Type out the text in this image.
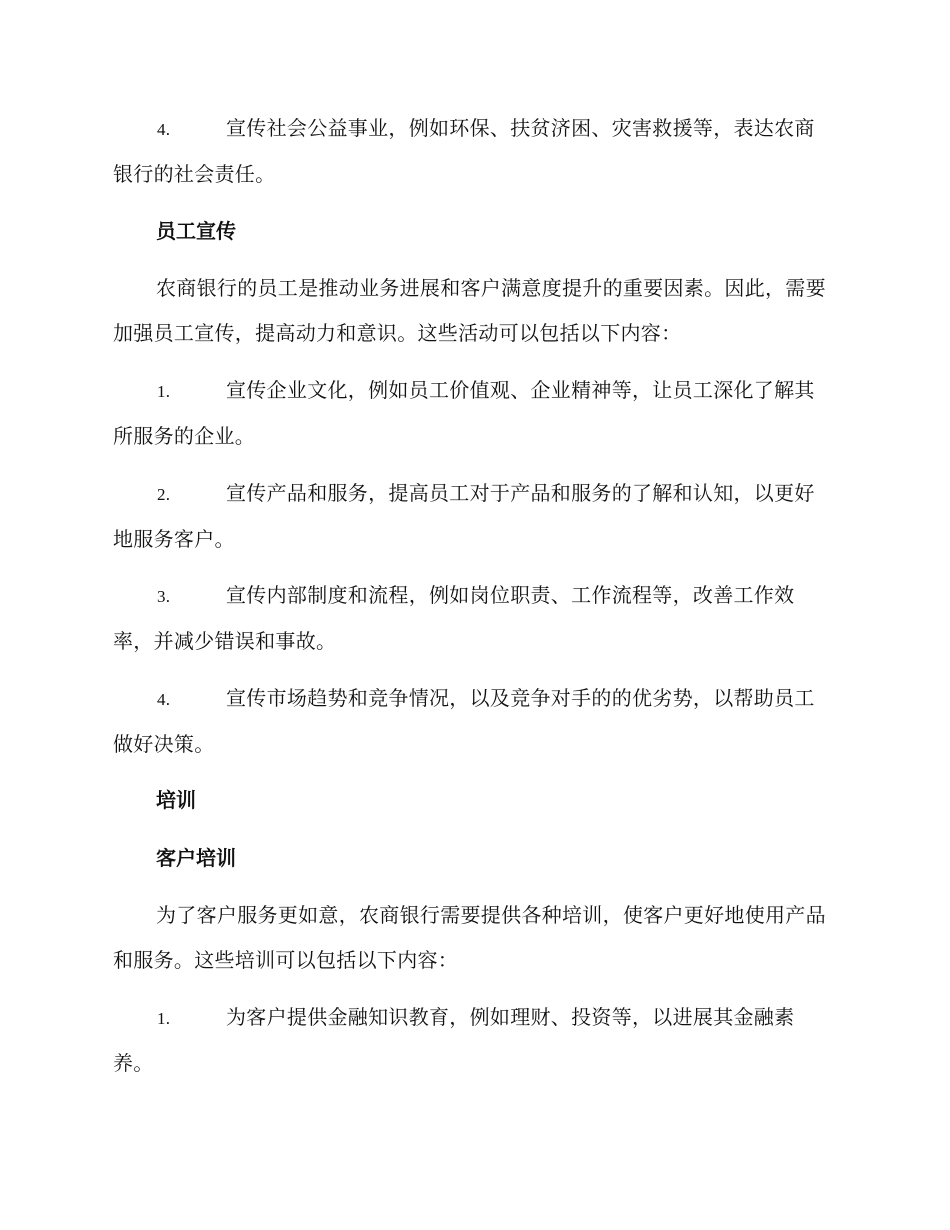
4.	宣传社会公益事业，例如环保、扶贫济困、灾害救援等，表达农商银行的社会责任。
员工宣传
农商银行的员工是推动业务进展和客户满意度提升的重要因素。因此，需要加强员工宣传，提高动力和意识。这些活动可以包括以下内容：
1.	宣传企业文化，例如员工价值观、企业精神等，让员工深化了解其所服务的企业。
2.	宣传产品和服务，提高员工对于产品和服务的了解和认知，以更好地服务客户。
3.	宣传内部制度和流程，例如岗位职责、工作流程等，改善工作效率，并减少错误和事故。
4.	宣传市场趋势和竞争情况，以及竞争对手的的优劣势，以帮助员工做好决策。
培训
客户培训
为了客户服务更如意，农商银行需要提供各种培训，使客户更好地使用产品和服务。这些培训可以包括以下内容：
1.	为客户提供金融知识教育，例如理财、投资等，以进展其金融素养。
